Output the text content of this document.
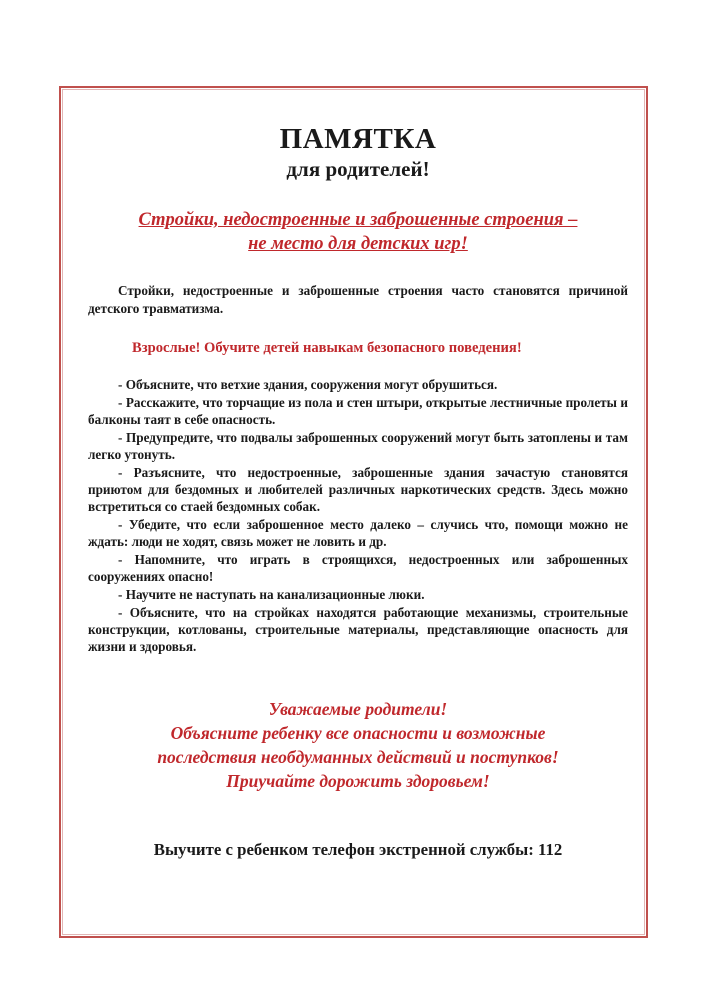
ПАМЯТКА
для родителей!
Стройки, недостроенные и заброшенные строения –
не место для детских игр!

Стройки, недостроенные и заброшенные строения часто становятся причиной детского травматизма.

Взрослые! Обучите детей навыкам безопасного поведения!

- Объясните, что ветхие здания, сооружения могут обрушиться.
- Расскажите, что торчащие из пола и стен штыри, открытые лестничные пролеты и балконы таят в себе опасность.
- Предупредите, что подвалы заброшенных сооружений могут быть затоплены и там легко утонуть.
- Разъясните, что недостроенные, заброшенные здания зачастую становятся приютом для бездомных и любителей различных наркотических средств. Здесь можно встретиться со стаей бездомных собак.
- Убедите, что если заброшенное место далеко – случись что, помощи можно не ждать: люди не ходят, связь может не ловить и др.
- Напомните, что играть в строящихся, недостроенных или заброшенных сооружениях опасно!
- Научите не наступать на канализационные люки.
- Объясните, что на стройках находятся работающие механизмы, строительные конструкции, котлованы, строительные материалы, представляющие опасность для жизни и здоровья.
Уважаемые родители!
Объясните ребенку все опасности и возможные
последствия необдуманных действий и поступков!
Приучайте дорожить здоровьем!
Выучите с ребенком телефон экстренной службы: 112
